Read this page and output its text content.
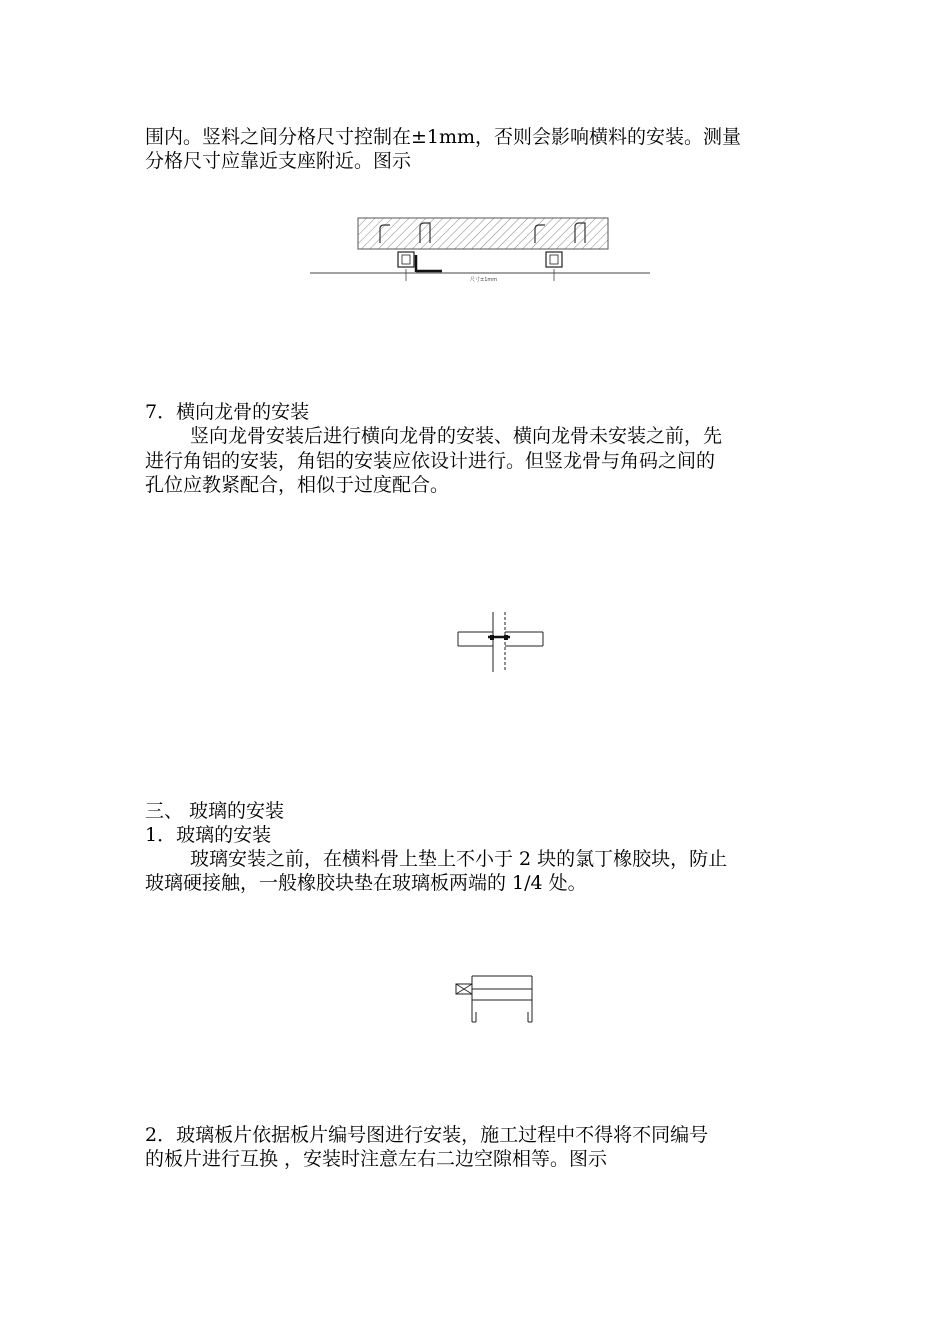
围内。竖料之间分格尺寸控制在±1mm，否则会影响横料的安装。测量
分格尺寸应靠近支座附近。图示
尺寸±1mm
7．横向龙骨的安装
竖向龙骨安装后进行横向龙骨的安装、横向龙骨未安装之前，先
进行角铝的安装，角铝的安装应依设计进行。但竖龙骨与角码之间的
孔位应教紧配合，相似于过度配合。
三、 玻璃的安装
1．玻璃的安装
玻璃安装之前，在横料骨上垫上不小于 2 块的氯丁橡胶块，防止
玻璃硬接触，一般橡胶块垫在玻璃板两端的 1/4 处。
2．玻璃板片依据板片编号图进行安装，施工过程中不得将不同编号
的板片进行互换 ，安装时注意左右二边空隙相等。图示
